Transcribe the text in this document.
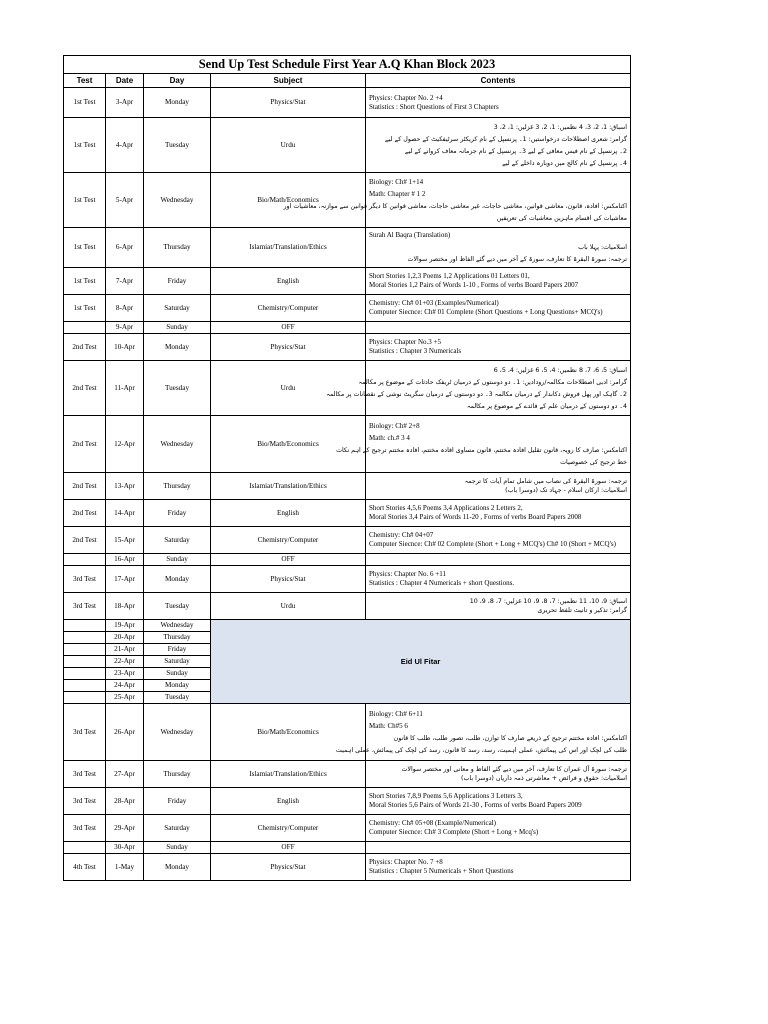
Send Up Test Schedule First Year A.Q Khan Block 2023				
Test	Date	Day	Subject	Contents
1st Test	3-Apr	Monday	Physics/Stat	Physics: Chapter No. 2 +4
Statistics : Short Questions of First 3 Chapters

1st Test	4-Apr	Tuesday	Urdu	اسباق: 1، 2، 3، 4 نظمیں: 1، 2، 3 غزلیں: 1، 2، 3
گرامر: شعری اصطلاحات درخواستیں: 1۔ پرنسپل کے نام کریکٹر سرٹیفکیٹ کے حصول کے لیے
2۔ پرنسپل کے نام فیس معافی کے لیے 3۔ پرنسپل کے نام جرمانہ معاف کروانے کے لیے
4۔ پرنسپل کے نام کالج میں دوبارہ داخلے کے لیے

1st Test	5-Apr	Wednesday	Bio/Math/Economics	Biology: Ch# 1+14
Math: Chapter # 1 2
اکنامکس: افادہ، قانون، معاشی قوانین، معاشی حاجات، غیر معاشی حاجات، معاشی قوانین کا دیگر قوانین سے موازنہ، معاشیات اور
معاشیات کی اقسام ماہرین معاشیات کی تعریفیں

1st Test	6-Apr	Thursday	Islamiat/Translation/Ethics	Surah Al Baqra (Translation)
اسلامیات: پہلا باب
ترجمہ: سورۃ البقرۃ کا تعارف، سورۃ کے آخر میں دیے گئے الفاظ اور مختصر سوالات

1st Test	7-Apr	Friday	English	Short Stories 1,2,3 Poems 1,2 Applications 01 Letters 01,
Moral Stories 1,2 Pairs of Words 1-10 , Forms of verbs Board Papers 2007

1st Test	8-Apr	Saturday	Chemistry/Computer	Chemistry: Ch# 01+03 (Examples/Numerical)
Computer Siecnce: Ch# 01 Complete (Short Questions + Long Questions+ MCQ's)

	9-Apr	Sunday	OFF	
2nd Test	10-Apr	Monday	Physics/Stat	Physics: Chapter No.3 +5
Statistics : Chapter 3 Numericals

2nd Test	11-Apr	Tuesday	Urdu	اسباق: 5، 6، 7، 8 نظمیں: 4، 5، 6 غزلیں: 4، 5، 6
گرامر: ادبی اصطلاحات مکالمہ/رودادیں: 1۔ دو دوستوں کے درمیان ٹریفک حادثات کے موضوع پر مکالمہ
2۔ گاہک اور پھل فروش دکاندار کے درمیان مکالمہ 3۔ دو دوستوں کے درمیان سگریٹ نوشی کے نقصانات پر مکالمہ
4۔ دو دوستوں کے درمیان علم کے فائدے کے موضوع پر مکالمہ

2nd Test	12-Apr	Wednesday	Bio/Math/Economics	Biology: Ch# 2+8
Math: ch.# 3 4
اکنامکس: صارف کا رویہ، قانون تقلیل افادہ مختتم، قانون مساوی افادہ مختتم، افادہ مختتم ترجیح کے اہم نکات
خط ترجیح کی خصوصیات

2nd Test	13-Apr	Thursday	Islamiat/Translation/Ethics	ترجمہ: سورۃ البقرۃ کی نصاب میں شامل تمام آیات کا ترجمہ
اسلامیات: ارکان اسلام - جہاد تک (دوسرا باب)

2nd Test	14-Apr	Friday	English	Short Stories 4,5,6 Poems 3,4 Applications 2 Letters 2,
Moral Stories 3,4 Pairs of Words 11-20 , Forms of verbs Board Papers 2008

2nd Test	15-Apr	Saturday	Chemistry/Computer	Chemistry: Ch# 04+07
Computer Siecnce: Ch# 02 Complete (Short + Long + MCQ's) Ch# 10 (Short + MCQ's)

	16-Apr	Sunday	OFF	
3rd Test	17-Apr	Monday	Physics/Stat	Physics: Chapter No. 6 +11
Statistics : Chapter 4 Numericals + short Questions.

3rd Test	18-Apr	Tuesday	Urdu	اسباق: 9، 10، 11 نظمیں: 7، 8، 9، 10 غزلیں: 7، 8، 9، 10
گرامر: تذکیر و تانیث تلفظ تحریری

	19-Apr	Wednesday	Eid Ul Fitar	
	20-Apr	Thursday		
	21-Apr	Friday		
	22-Apr	Saturday		
	23-Apr	Sunday		
	24-Apr	Monday		
	25-Apr	Tuesday		
3rd Test	26-Apr	Wednesday	Bio/Math/Economics	Biology: Ch# 6+11
Math: Ch#5 6
اکنامکس: افادہ مختتم ترجیح کے ذریعے صارف کا توازن، طلب، تصور طلب، طلب کا قانون
طلب کی لچک اور اس کی پیمائش، عملی اہمیت، رسد، رسد کا قانون، رسد کی لچک کی پیمائش، عملی اہمیت

3rd Test	27-Apr	Thursday	Islamiat/Translation/Ethics	ترجمہ: سورۃ آل عمران کا تعارف، آخر میں دیے گئے الفاظ و معانی اور مختصر سوالات
اسلامیات: حقوق و فرائض + معاشرتی ذمہ داریاں (دوسرا باب)

3rd Test	28-Apr	Friday	English	Short Stories 7,8,9 Poems 5,6 Applications 3 Letters 3,
Moral Stories 5,6 Pairs of Words 21-30 , Forms of verbs Board Papers 2009

3rd Test	29-Apr	Saturday	Chemistry/Computer	Chemistry: Ch# 05+08 (Example/Numerical)
Computer Siecnce: Ch# 3 Complete (Short + Long + Mcq's)

	30-Apr	Sunday	OFF	
4th Test	1-May	Monday	Physics/Stat	Physics: Chapter No. 7 +8
Statistics : Chapter 5 Numericals + Short Questions
